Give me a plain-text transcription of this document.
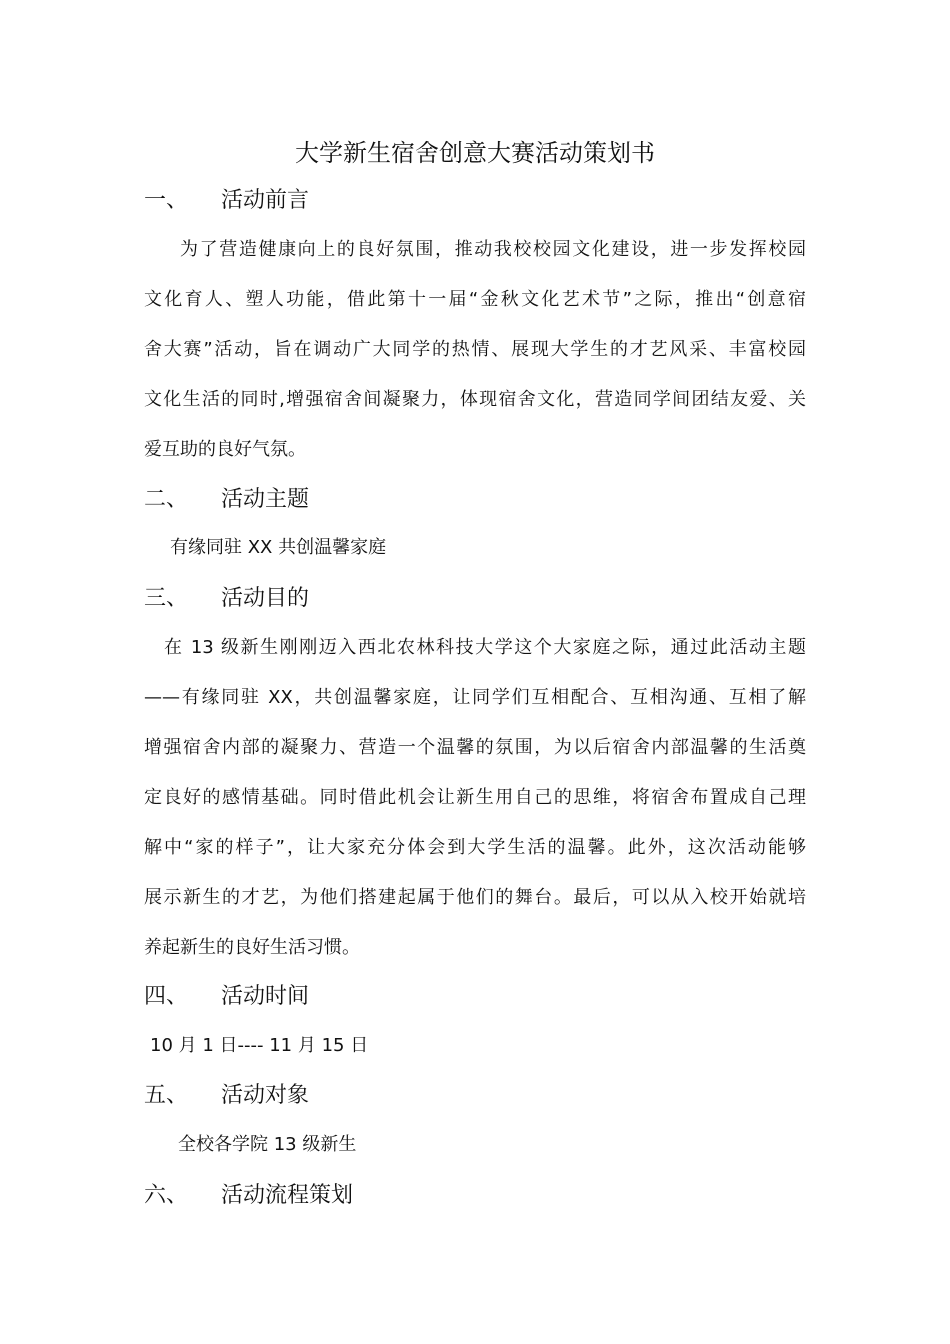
大学新生宿舍创意大赛活动策划书
一、 活动前言
为了营造健康向上的良好氛围，推动我校校园文化建设，进一步发挥校园
文化育人、塑人功能，借此第十一届“金秋文化艺术节”之际，推出“创意宿
舍大赛”活动，旨在调动广大同学的热情、展现大学生的才艺风采、丰富校园
文化生活的同时,增强宿舍间凝聚力，体现宿舍文化，营造同学间团结友爱、关
爱互助的良好气氛。
二、 活动主题
有缘同驻 XX 共创温馨家庭
三、 活动目的
在 13 级新生刚刚迈入西北农林科技大学这个大家庭之际，通过此活动主题
——有缘同驻 XX，共创温馨家庭，让同学们互相配合、互相沟通、互相了解
增强宿舍内部的凝聚力、营造一个温馨的氛围，为以后宿舍内部温馨的生活奠
定良好的感情基础。同时借此机会让新生用自己的思维，将宿舍布置成自己理
解中“家的样子”，让大家充分体会到大学生活的温馨。此外，这次活动能够
展示新生的才艺，为他们搭建起属于他们的舞台。最后，可以从入校开始就培
养起新生的良好生活习惯。
四、 活动时间
10 月 1 日---- 11 月 15 日
五、 活动对象
全校各学院 13 级新生
六、 活动流程策划
